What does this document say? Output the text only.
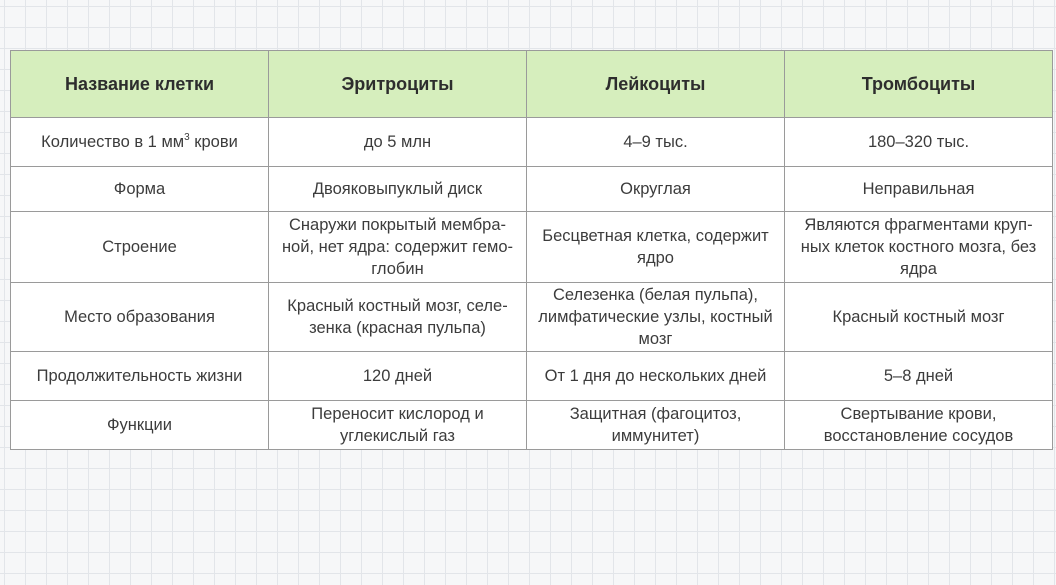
Название клетки	Эритроциты	Лейкоциты	Тромбоциты
Количество в 1 $мм^3$ крови	до 5 млн	4–9 тыс.	180–320 тыс.
Форма	Двояковыпуклый диск	Округлая	Неправильная
Строение	Снаружи покрытый мембра-ной, нет ядра: содержит гемо-глобин	Бесцветная клетка, содержит ядро	Являются фрагментами круп-ных клеток костного мозга, без ядра
Место образования	Красный костный мозг, селе-зенка (красная пульпа)	Селезенка (белая пульпа), лимфатические узлы, костный мозг	Красный костный мозг
Продолжительность жизни	120 дней	От 1 дня до нескольких дней	5–8 дней
Функции	Переносит кислород и углекислый газ	Защитная (фагоцитоз, иммунитет)	Свертывание крови, восстановление сосудов
